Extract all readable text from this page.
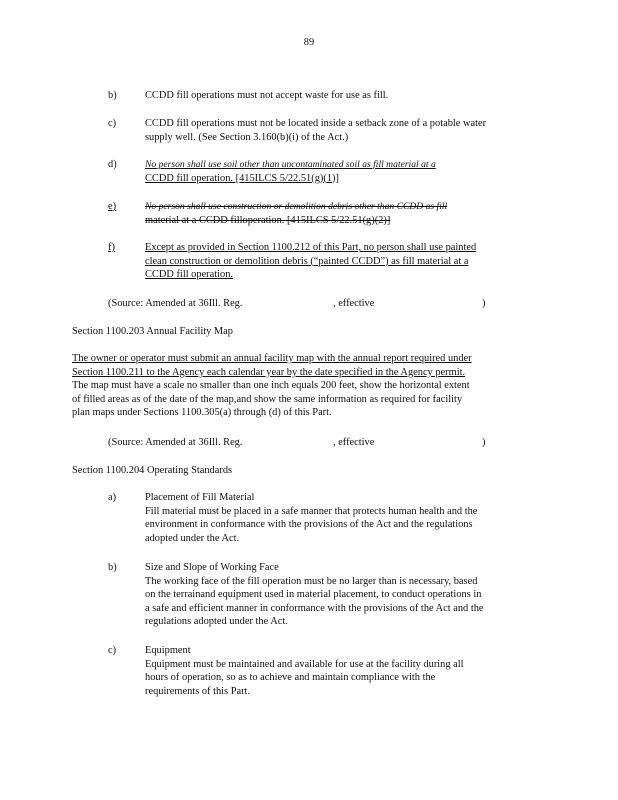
89
b)	CCDD fill operations must not accept waste for use as fill.
c)	CCDD fill operations must not be located inside a setback zone of a potable water
supply well. (See Section 3.160(b)(i) of the Act.)
d)	No person shall use soil other than uncontaminated soil as fill material at a
CCDD fill operation. [415ILCS 5/22.51(g)(1)]
e)	No person shall use construction or demolition debris other than CCDD as fill
material at a CCDD filloperation. [415ILCS 5/22.51(g)(2)]
f)	Except as provided in Section 1100.212 of this Part, no person shall use painted
clean construction or demolition debris (“painted CCDD”) as fill material at a
CCDD fill operation.
(Source: Amended at 36Ill. Reg.	, effective	)
Section 1100.203 Annual Facility Map
The owner or operator must submit an annual facility map with the annual report required under
Section 1100.211 to the Agency each calendar year by the date specified in the Agency permit.
The map must have a scale no smaller than one inch equals 200 feet, show the horizontal extent
of filled areas as of the date of the map,and show the same information as required for facility
plan maps under Sections 1100.305(a) through (d) of this Part.
(Source: Amended at 36Ill. Reg.	, effective	)
Section 1100.204 Operating Standards
a)	Placement of Fill Material
Fill material must be placed in a safe manner that protects human health and the
environment in conformance with the provisions of the Act and the regulations
adopted under the Act.
b)	Size and Slope of Working Face
The working face of the fill operation must be no larger than is necessary, based
on the terrainand equipment used in material placement, to conduct operations in
a safe and efficient manner in conformance with the provisions of the Act and the
regulations adopted under the Act.
c)	Equipment
Equipment must be maintained and available for use at the facility during all
hours of operation, so as to achieve and maintain compliance with the
requirements of this Part.
